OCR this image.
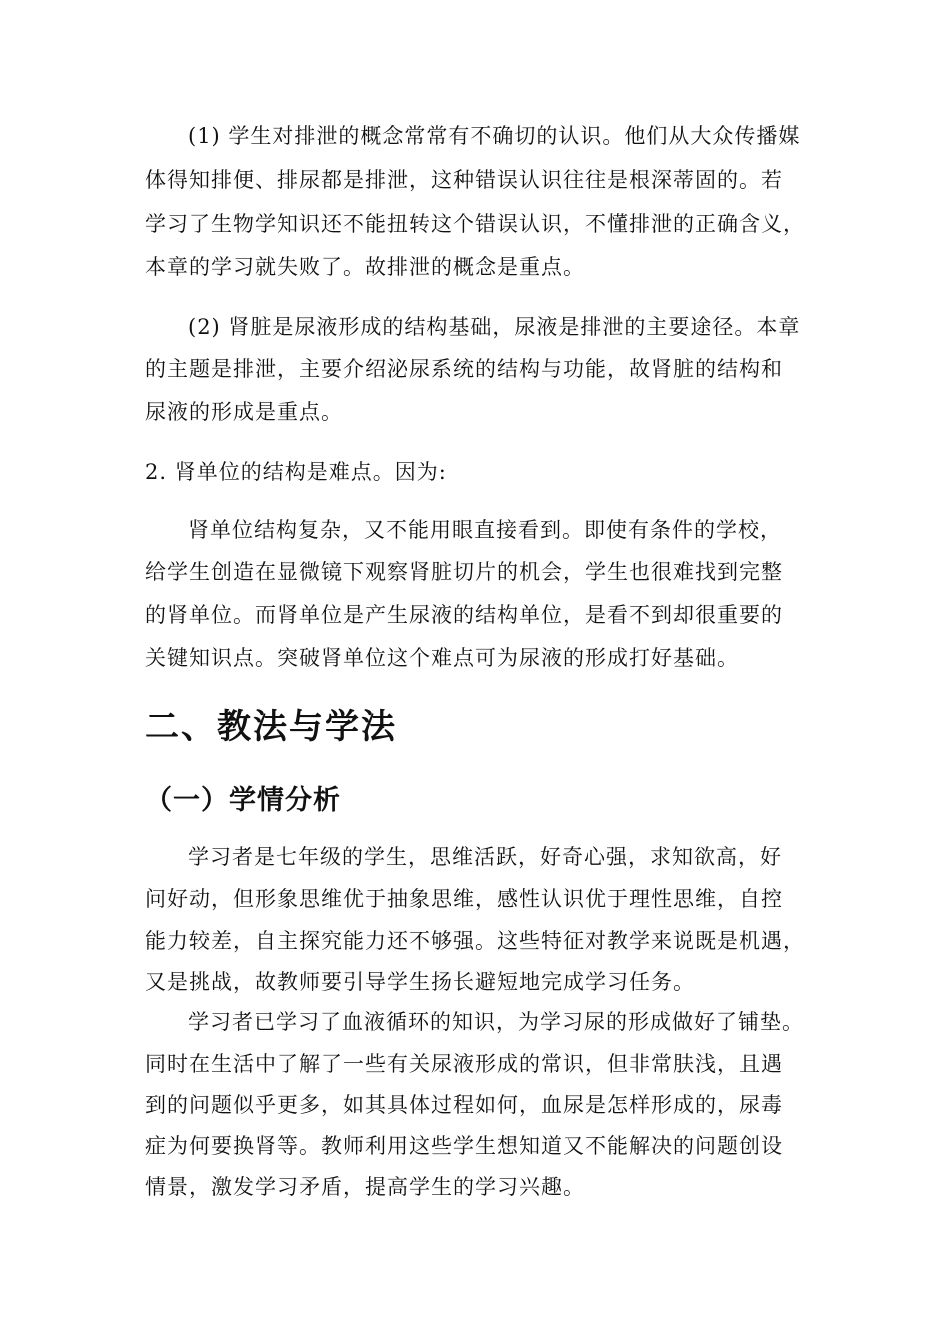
(1) 学生对排泄的概念常常有不确切的认识。他们从大众传播媒
体得知排便、排尿都是排泄，这种错误认识往往是根深蒂固的。若
学习了生物学知识还不能扭转这个错误认识，不懂排泄的正确含义，
本章的学习就失败了。故排泄的概念是重点。
(2) 肾脏是尿液形成的结构基础，尿液是排泄的主要途径。本章
的主题是排泄，主要介绍泌尿系统的结构与功能，故肾脏的结构和
尿液的形成是重点。
2. 肾单位的结构是难点。因为:
肾单位结构复杂，又不能用眼直接看到。即使有条件的学校，
给学生创造在显微镜下观察肾脏切片的机会，学生也很难找到完整
的肾单位。而肾单位是产生尿液的结构单位，是看不到却很重要的
关键知识点。突破肾单位这个难点可为尿液的形成打好基础。
二、教法与学法
（一）学情分析
学习者是七年级的学生，思维活跃，好奇心强，求知欲高，好
问好动，但形象思维优于抽象思维，感性认识优于理性思维，自控
能力较差，自主探究能力还不够强。这些特征对教学来说既是机遇，
又是挑战，故教师要引导学生扬长避短地完成学习任务。
学习者已学习了血液循环的知识，为学习尿的形成做好了铺垫。
同时在生活中了解了一些有关尿液形成的常识，但非常肤浅，且遇
到的问题似乎更多，如其具体过程如何，血尿是怎样形成的，尿毒
症为何要换肾等。教师利用这些学生想知道又不能解决的问题创设
情景，激发学习矛盾，提高学生的学习兴趣。
